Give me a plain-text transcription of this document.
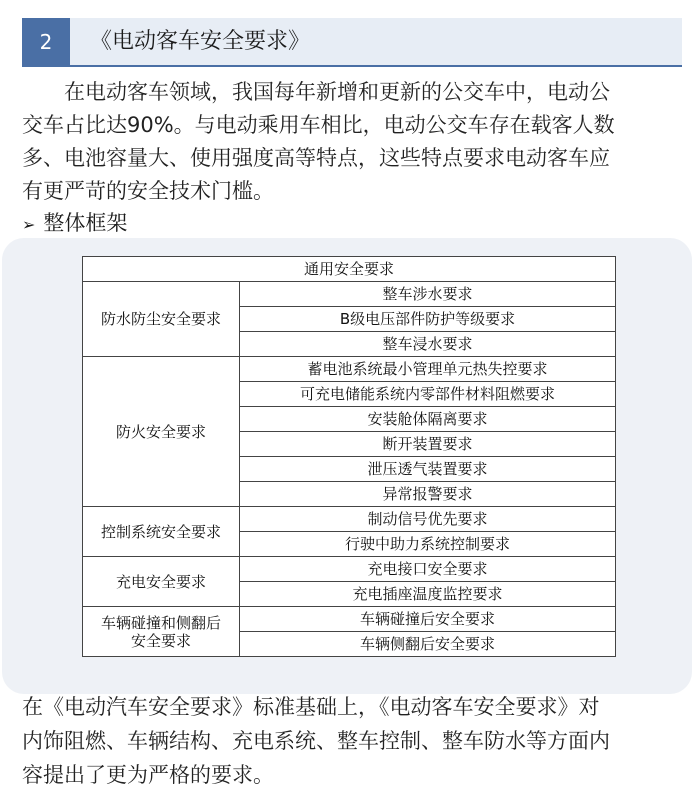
2	《电动客车安全要求》
　　在电动客车领域，我国每年新增和更新的公交车中，电动公
交车占比达90%。与电动乘用车相比，电动公交车存在载客人数
多、电池容量大、使用强度高等特点，这些特点要求电动客车应
有更严苛的安全技术门槛。
➢ 整体框架
通用安全要求	
防水防尘安全要求	整车涉水要求
	B级电压部件防护等级要求
	整车浸水要求
防火安全要求	蓄电池系统最小管理单元热失控要求
	可充电储能系统内零部件材料阻燃要求
	安装舱体隔离要求
	断开装置要求
	泄压透气装置要求
	异常报警要求
控制系统安全要求	制动信号优先要求
	行驶中助力系统控制要求
充电安全要求	充电接口安全要求
	充电插座温度监控要求
车辆碰撞和侧翻后
安全要求	车辆碰撞后安全要求
	车辆侧翻后安全要求
在《电动汽车安全要求》标准基础上，《电动客车安全要求》对
内饰阻燃、车辆结构、充电系统、整车控制、整车防水等方面内
容提出了更为严格的要求。
